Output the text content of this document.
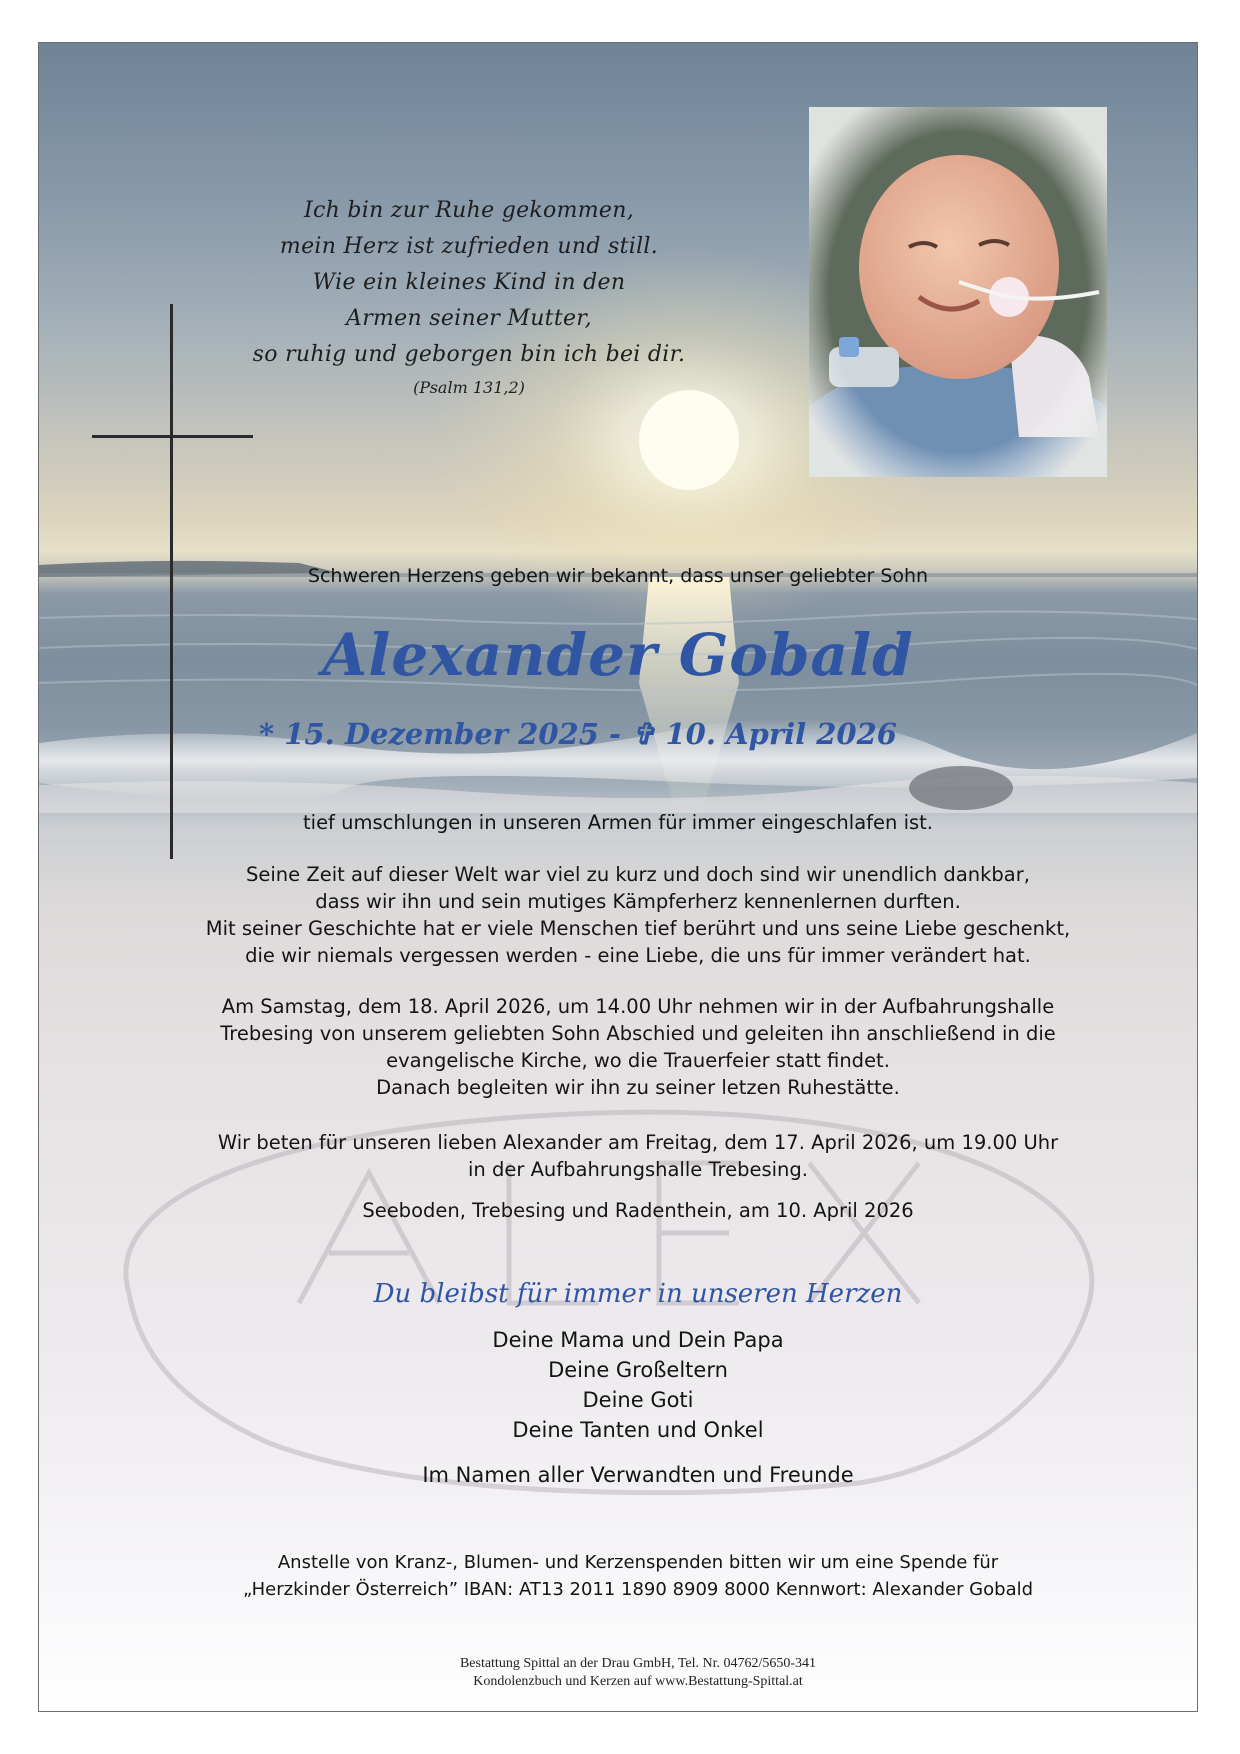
Ich bin zur Ruhe gekommen,
mein Herz ist zufrieden und still.
Wie ein kleines Kind in den
Armen seiner Mutter,
so ruhig und geborgen bin ich bei dir.
(Psalm 131,2)
Schweren Herzens geben wir bekannt, dass unser geliebter Sohn
Alexander Gobald
* 15. Dezember 2025 - ✞ 10. April 2026
tief umschlungen in unseren Armen für immer eingeschlafen ist.
Seine Zeit auf dieser Welt war viel zu kurz und doch sind wir unendlich dankbar,
dass wir ihn und sein mutiges Kämpferherz kennenlernen durften.
Mit seiner Geschichte hat er viele Menschen tief berührt und uns seine Liebe geschenkt,
die wir niemals vergessen werden - eine Liebe, die uns für immer verändert hat.
Am Samstag, dem 18. April 2026, um 14.00 Uhr nehmen wir in der Aufbahrungshalle
Trebesing von unserem geliebten Sohn Abschied und geleiten ihn anschließend in die
evangelische Kirche, wo die Trauerfeier statt findet.
Danach begleiten wir ihn zu seiner letzen Ruhestätte.
Wir beten für unseren lieben Alexander am Freitag, dem 17. April 2026, um 19.00 Uhr
in der Aufbahrungshalle Trebesing.
Seeboden, Trebesing und Radenthein, am 10. April 2026
Du bleibst für immer in unseren Herzen
Deine Mama und Dein Papa
Deine Großeltern
Deine Goti
Deine Tanten und Onkel
Im Namen aller Verwandten und Freunde
Anstelle von Kranz-, Blumen- und Kerzenspenden bitten wir um eine Spende für
„Herzkinder Österreich” IBAN: AT13 2011 1890 8909 8000 Kennwort: Alexander Gobald
Bestattung Spittal an der Drau GmbH, Tel. Nr. 04762/5650-341
Kondolenzbuch und Kerzen auf www.Bestattung-Spittal.at
